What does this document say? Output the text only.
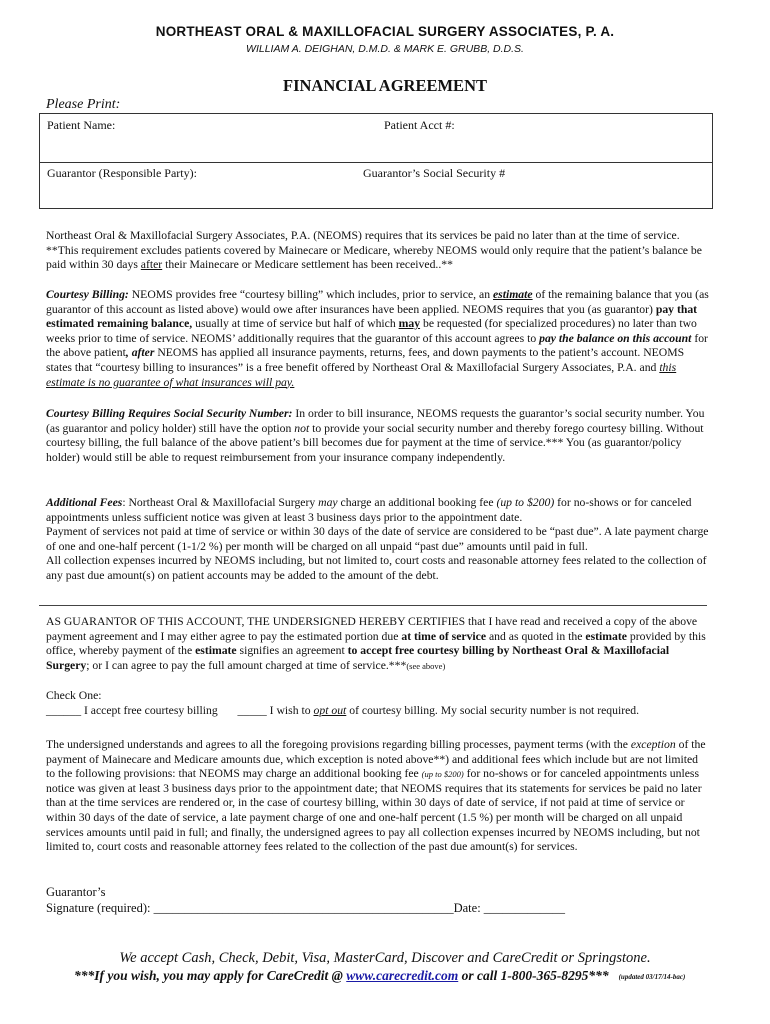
NORTHEAST ORAL & MAXILLOFACIAL SURGERY ASSOCIATES, P. A.
WILLIAM A. DEIGHAN, D.M.D. & MARK E. GRUBB, D.D.S.
FINANCIAL AGREEMENT
Please Print:
Patient Name:	Patient Acct #:
Guarantor (Responsible Party):	Guarantor’s Social Security #
Northeast Oral & Maxillofacial Surgery Associates, P.A. (NEOMS) requires that its services be paid no later than at the time of service. **This requirement excludes patients covered by Mainecare or Medicare, whereby NEOMS would only require that the patient’s balance be paid within 30 days after their Mainecare or Medicare settlement has been received..**
Courtesy Billing: NEOMS provides free “courtesy billing” which includes, prior to service, an estimate of the remaining balance that you (as guarantor of this account as listed above) would owe after insurances have been applied. NEOMS requires that you (as guarantor) pay that estimated remaining balance, usually at time of service but half of which may be requested (for specialized procedures) no later than two weeks prior to time of service. NEOMS’ additionally requires that the guarantor of this account agrees to pay the balance on this account for the above patient, after NEOMS has applied all insurance payments, returns, fees, and down payments to the patient’s account. NEOMS states that “courtesy billing to insurances” is a free benefit offered by Northeast Oral & Maxillofacial Surgery Associates, P.A. and this estimate is no guarantee of what insurances will pay.
Courtesy Billing Requires Social Security Number: In order to bill insurance, NEOMS requests the guarantor’s social security number. You (as guarantor and policy holder) still have the option not to provide your social security number and thereby forego courtesy billing. Without courtesy billing, the full balance of the above patient’s bill becomes due for payment at the time of service.*** You (as guarantor/policy holder) would still be able to request reimbursement from your insurance company independently.
Additional Fees: Northeast Oral & Maxillofacial Surgery may charge an additional booking fee (up to $200) for no-shows or for canceled appointments unless sufficient notice was given at least 3 business days prior to the appointment date.
Payment of services not paid at time of service or within 30 days of the date of service are considered to be “past due”. A late payment charge of one and one-half percent (1-1/2 %) per month will be charged on all unpaid “past due” amounts until paid in full.
All collection expenses incurred by NEOMS including, but not limited to, court costs and reasonable attorney fees related to the collection of any past due amount(s) on patient accounts may be added to the amount of the debt.
AS GUARANTOR OF THIS ACCOUNT, THE UNDERSIGNED HEREBY CERTIFIES that I have read and received a copy of the above payment agreement and I may either agree to pay the estimated portion due at time of service and as quoted in the estimate provided by this office, whereby payment of the estimate signifies an agreement to accept free courtesy billing by Northeast Oral & Maxillofacial Surgery; or I can agree to pay the full amount charged at time of service.***(see above)
Check One:
______ I accept free courtesy billing _____ I wish to opt out of courtesy billing. My social security number is not required.
The undersigned understands and agrees to all the foregoing provisions regarding billing processes, payment terms (with the exception of the payment of Mainecare and Medicare amounts due, which exception is noted above**) and additional fees which include but are not limited to the following provisions: that NEOMS may charge an additional booking fee (up to $200) for no-shows or for canceled appointments unless notice was given at least 3 business days prior to the appointment date; that NEOMS requires that its statements for services be paid no later than at the time services are rendered or, in the case of courtesy billing, within 30 days of date of service, if not paid at time of service or within 30 days of the date of service, a late payment charge of one and one-half percent (1.5 %) per month will be charged on all unpaid services amounts until paid in full; and finally, the undersigned agrees to pay all collection expenses incurred by NEOMS including, but not limited to, court costs and reasonable attorney fees related to the collection of the past due amount(s) for services.
Guarantor’s
Signature (required): ________________________________________________Date: _____________
We accept Cash, Check, Debit, Visa, MasterCard, Discover and CareCredit or Springstone.
***If you wish, you may apply for CareCredit @ www.carecredit.com or call 1-800-365-8295*** (updated 03/17/14-bac)
